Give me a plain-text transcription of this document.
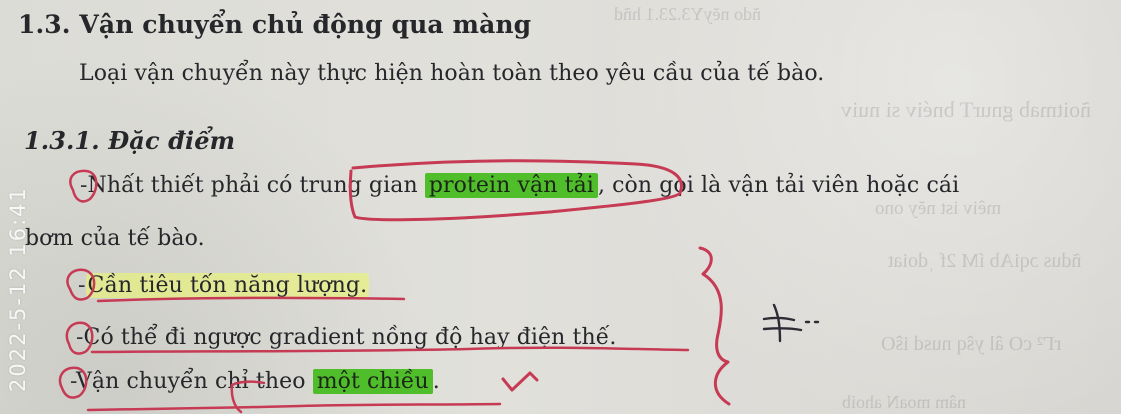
ñdo nĕyY3.23.1 hñd
ñoitmab gnurT bnéiv si nuiv
mêiv ist nĕy ono
ñdus ɔqiAb íM 2f ˌdoiat
rΓ² cO âl yŝq nusd iŝO
nâm moaN ahoib
1.3. Vận chuyển chủ động qua màng
Loại vận chuyển này thực hiện hoàn toàn theo yêu cầu của tế bào.
1.3.1. Đặc điểm
-Nhất thiết phải có trung gian protein vận tải , còn gọi là vận tải viên hoặc cái
bơm của tế bào.
-Cần tiêu tốn năng lượng.
-Có thể đi ngược gradient nồng độ hay điện thế.
-Vận chuyển chỉ theo một chiều .
2022-5-12 16:41
